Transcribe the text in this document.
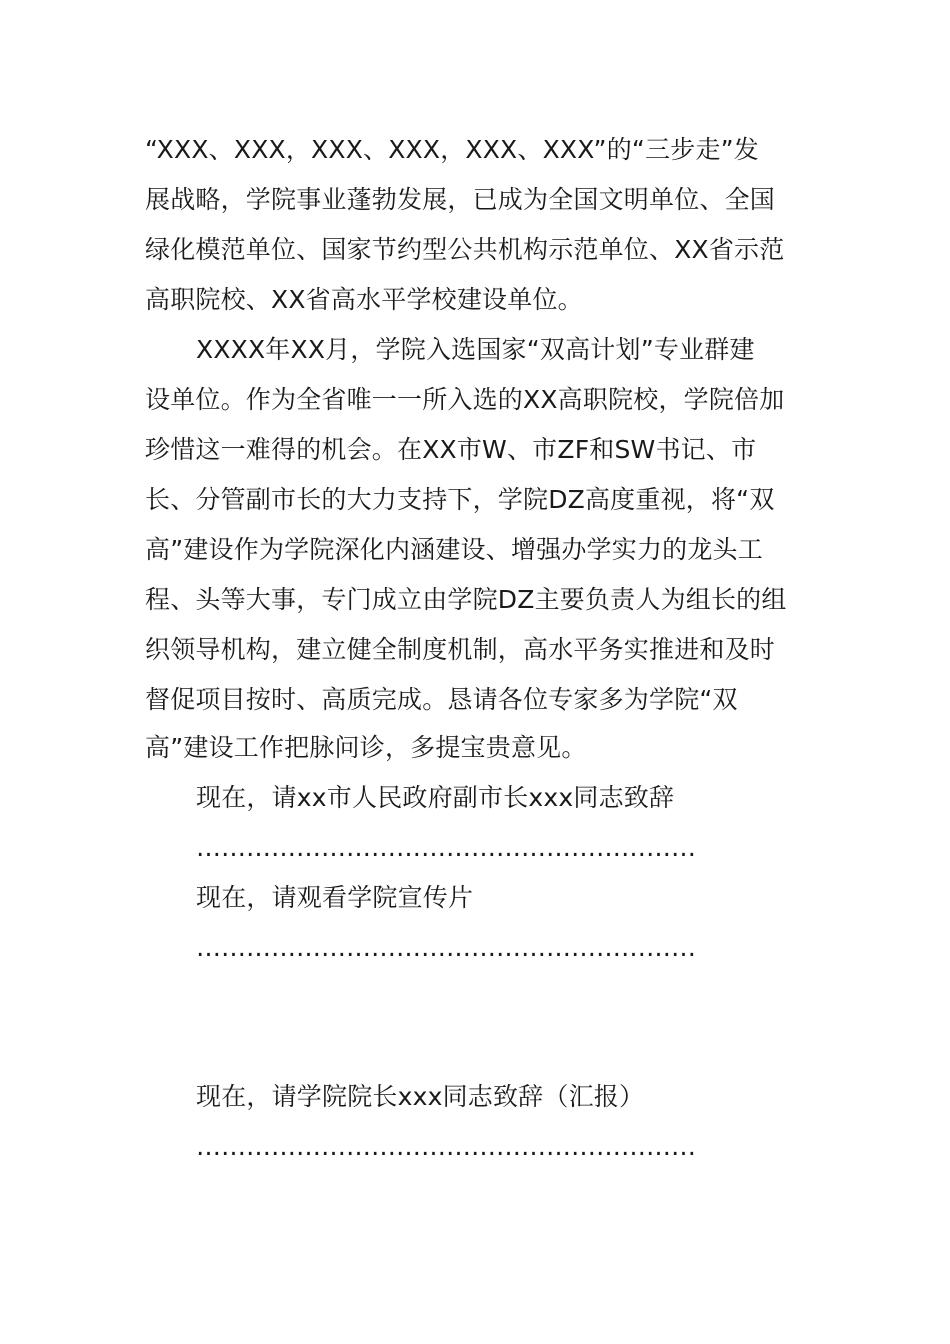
“XXX、XXX，XXX、XXX，XXX、XXX”的“三步走”发
展战略，学院事业蓬勃发展，已成为全国文明单位、全国
绿化模范单位、国家节约型公共机构示范单位、XX省示范
高职院校、XX省高水平学校建设单位。
XXXX年XX月，学院入选国家“双高计划”专业群建
设单位。作为全省唯一一所入选的XX高职院校，学院倍加
珍惜这一难得的机会。在XX市W、市ZF和SW书记、市
长、分管副市长的大力支持下，学院DZ高度重视，将“双
高”建设作为学院深化内涵建设、增强办学实力的龙头工
程、头等大事，专门成立由学院DZ主要负责人为组长的组
织领导机构，建立健全制度机制，高水平务实推进和及时
督促项目按时、高质完成。恳请各位专家多为学院“双
高”建设工作把脉问诊，多提宝贵意见。
现在，请xx市人民政府副市长xxx同志致辞
……………………………………………………
现在，请观看学院宣传片
……………………………………………………
现在，请学院院长xxx同志致辞（汇报）
……………………………………………………
